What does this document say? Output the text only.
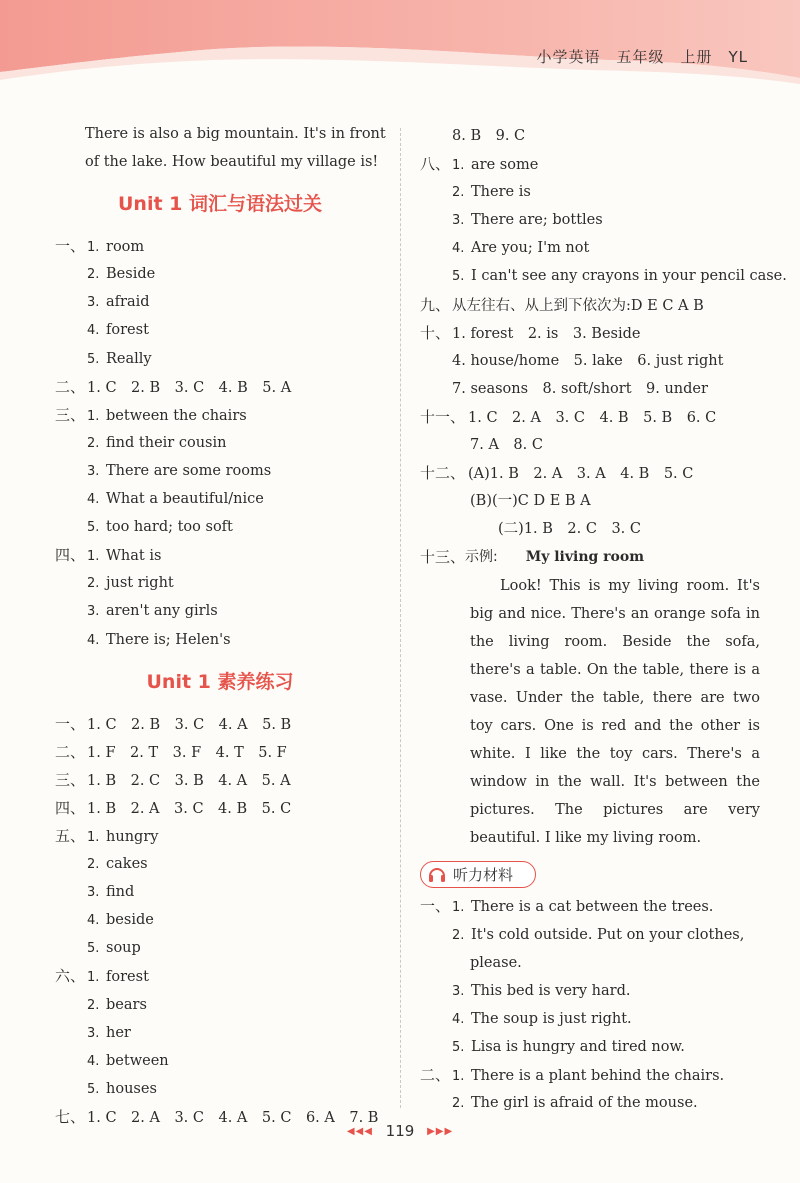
小学英语　五年级　上册　YL
There is also a big mountain. It's in front
of the lake. How beautiful my village is!
Unit 1 词汇与语法过关
一、 1. room
2. Beside
3. afraid
4. forest
5. Really
二、 1. C　2. B　3. C　4. B　5. A
三、 1. between the chairs
2. find their cousin
3. There are some rooms
4. What a beautiful/nice
5. too hard; too soft
四、 1. What is
2. just right
3. aren't any girls
4. There is; Helen's
Unit 1 素养练习
一、 1. C　2. B　3. C　4. A　5. B
二、 1. F　2. T　3. F　4. T　5. F
三、 1. B　2. C　3. B　4. A　5. A
四、 1. B　2. A　3. C　4. B　5. C
五、 1. hungry
2. cakes
3. find
4. beside
5. soup
六、 1. forest
2. bears
3. her
4. between
5. houses
七、 1. C　2. A　3. C　4. A　5. C　6. A　7. B
8. B　9. C
八、 1. are some
2. There is
3. There are; bottles
4. Are you; I'm not
5. I can't see any crayons in your pencil case.
九、 从左往右、从上到下依次为:D E C A B
十、 1. forest　2. is　3. Beside
4. house/home　5. lake　6. just right
7. seasons　8. soft/short　9. under
十一、 1. C　2. A　3. C　4. B　5. B　6. C
7. A　8. C
十二、 (A)1. B　2. A　3. A　4. B　5. C
(B)(一)C D E B A
(二)1. B　2. C　3. C
十三、 示例: My living room
Look! This is my living room. It's
big and nice. There's an orange sofa in
the living room. Beside the sofa,
there's a table. On the table, there is a
vase. Under the table, there are two
toy cars. One is red and the other is
white. I like the toy cars. There's a
window in the wall. It's between the
pictures. The pictures are very
beautiful. I like my living room.
听力材料
一、 1. There is a cat between the trees.
2. It's cold outside. Put on your clothes,
please.
3. This bed is very hard.
4. The soup is just right.
5. Lisa is hungry and tired now.
二、 1. There is a plant behind the chairs.
2. The girl is afraid of the mouse.
◀◀◀ 119 ▶▶▶
